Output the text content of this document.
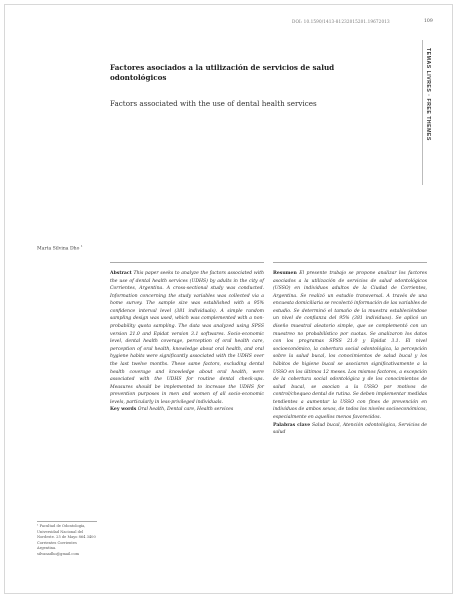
DOI: 10.1590/1413-81232015201.19672013	109
TEMAS LIVRES · FREE THEMES
Factores asociados a la utilización de servicios de salud odontológicos
Factors associated with the use of dental health services
Marta Silvina Dho $^1$
Abstract This paper seeks to analyze the factors associated with the use of dental health services (UDHS) by adults in the city of Corrientes, Argentina. A cross-sectional study was conducted. Information concerning the study variables was collected via a home survey. The sample size was established with a 95% confidence interval level (381 individuals). A simple random sampling design was used, which was complemented with a non-probability quota sampling. The data was analyzed using SPSS version 21.0 and Epidat version 3.1 softwares. Socio-economic level, dental health coverage, perception of oral health care, perception of oral health, knowledge about oral health, and oral hygiene habits were significantly associated with the UDHS over the last twelve months. These same factors, excluding dental health coverage and knowledge about oral health, were associated with the UDHS for routine dental check-ups. Measures should be implemented to increase the UDHS for prevention purposes in men and women of all socio-economic levels, particularly in less-privileged individuals.
Key words Oral health, Dental care, Health services
Resumen El presente trabajo se propone analizar los factores asociados a la utilización de servicios de salud odontológicos (USSO) en individuos adultos de la Ciudad de Corrientes, Argentina. Se realizó un estudio transversal. A través de una encuesta domiciliaria se recolectó información de las variables de estudio. Se determinó el tamaño de la muestra estableciéndose un nivel de confianza del 95% (381 individuos). Se aplicó un diseño muestral aleatorio simple, que se complementó con un muestreo no probabilístico por cuotas. Se analizaron los datos con los programas SPSS 21.0 y Epidat 3.1. El nivel socioeconómico, la cobertura social odontológica, la percepción sobre la salud bucal, los conocimientos de salud bucal y los hábitos de higiene bucal se asociaron significativamente a la USSO en los últimos 12 meses. Los mismos factores, a excepción de la cobertura social odontológica y de los conocimientos de salud bucal, se asocian a la USSO por motivos de control/chequeo dental de rutina. Se deben implementar medidas tendientes a aumentar la USSO con fines de prevención en individuos de ambos sexos, de todos los niveles socioeconómicos, especialmente en aquellos menos favorecidos.
Palabras clave Salud bucal, Atención odontológica, Servicios de salud
¹ Facultad de Odontología, Universidad Nacional del Nordeste. 25 de Mayo 864 3400 Corrientes Corrientes Argentina. silvanadho@gmail.com
